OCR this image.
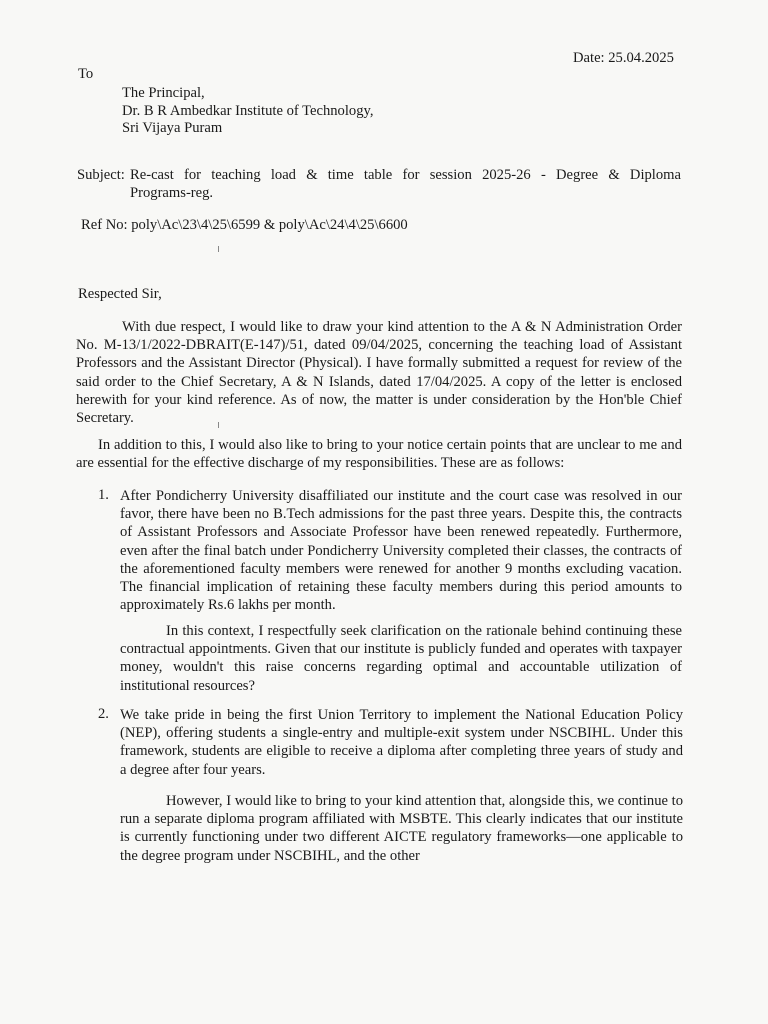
Date: 25.04.2025

To

The Principal,

Dr. B R Ambedkar Institute of Technology,

Sri Vijaya Puram

Subject: Re-cast for teaching load & time table for session 2025-26 - Degree & Diploma
Programs-reg.

Ref No: poly\Ac\23\4\25\6599 & poly\Ac\24\4\25\6600

Respected Sir,

With due respect, I would like to draw your kind attention to the A & N Administration Order No. M-13/1/2022-DBRAIT(E-147)/51, dated 09/04/2025, concerning the teaching load of Assistant Professors and the Assistant Director (Physical). I have formally submitted a request for review of the said order to the Chief Secretary, A & N Islands, dated 17/04/2025. A copy of the letter is enclosed herewith for your kind reference. As of now, the matter is under consideration by the Hon'ble Chief Secretary.

In addition to this, I would also like to bring to your notice certain points that are unclear to me and are essential for the effective discharge of my responsibilities. These are as follows:

1. After Pondicherry University disaffiliated our institute and the court case was resolved in our favor, there have been no B.Tech admissions for the past three years. Despite this, the contracts of Assistant Professors and Associate Professor have been renewed repeatedly. Furthermore, even after the final batch under Pondicherry University completed their classes, the contracts of the aforementioned faculty members were renewed for another 9 months excluding vacation. The financial implication of retaining these faculty members during this period amounts to approximately Rs.6 lakhs per month.

In this context, I respectfully seek clarification on the rationale behind continuing these contractual appointments. Given that our institute is publicly funded and operates with taxpayer money, wouldn't this raise concerns regarding optimal and accountable utilization of institutional resources?

2. We take pride in being the first Union Territory to implement the National Education Policy (NEP), offering students a single-entry and multiple-exit system under NSCBIHL. Under this framework, students are eligible to receive a diploma after completing three years of study and a degree after four years.

However, I would like to bring to your kind attention that, alongside this, we continue to run a separate diploma program affiliated with MSBTE. This clearly indicates that our institute is currently functioning under two different AICTE regulatory frameworks—one applicable to the degree program under NSCBIHL, and the other
